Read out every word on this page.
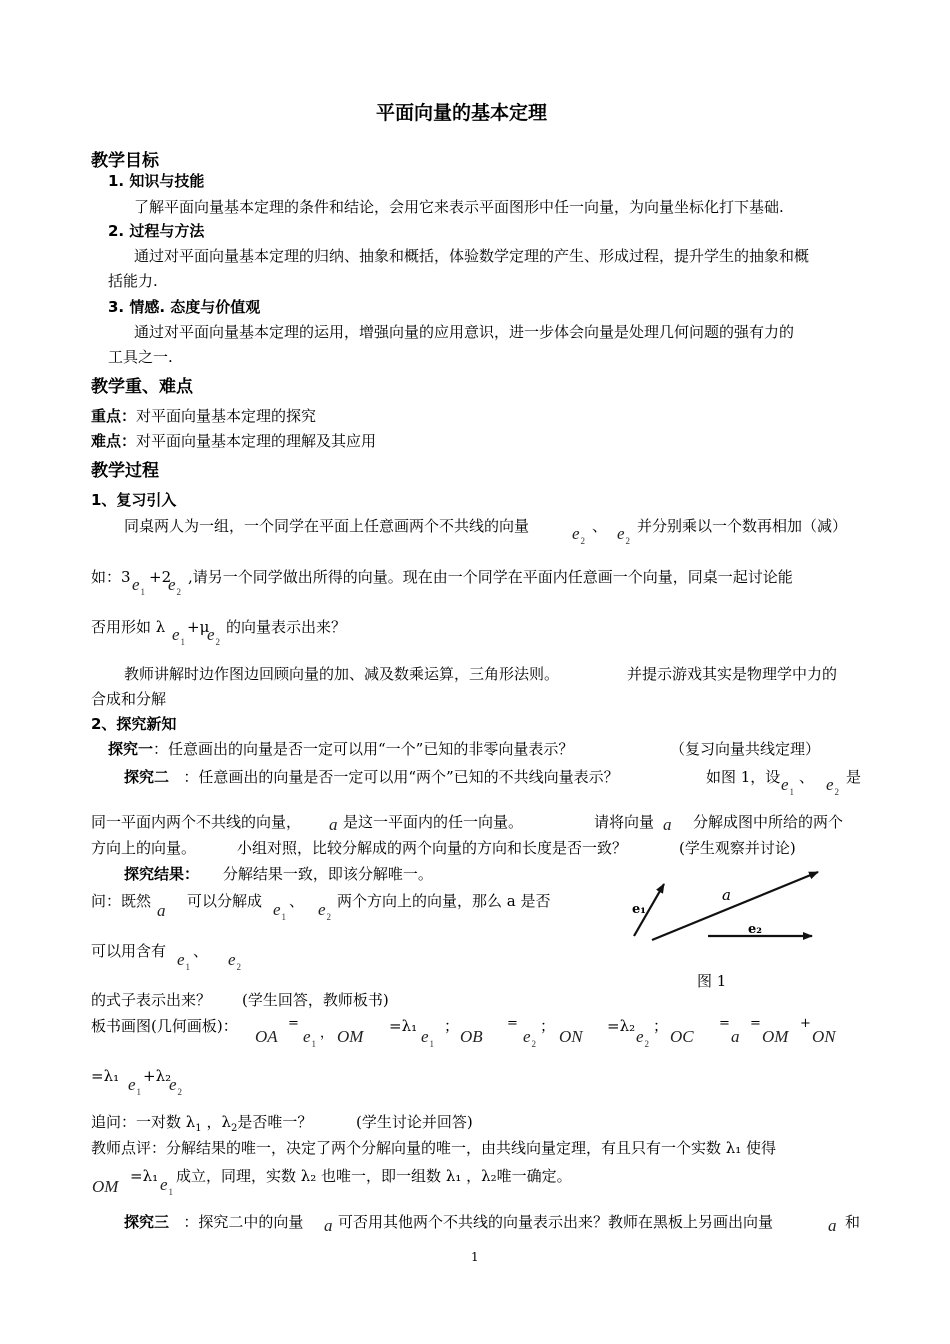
平面向量的基本定理
教学目标
1. 知识与技能
了解平面向量基本定理的条件和结论，会用它来表示平面图形中任一向量，为向量坐标化打下基础.
2. 过程与方法
通过对平面向量基本定理的归纳、抽象和概括，体验数学定理的产生、形成过程，提升学生的抽象和概
括能力.
3. 情感. 态度与价值观
通过对平面向量基本定理的运用，增强向量的应用意识，进一步体会向量是处理几何问题的强有力的
工具之一.
教学重、难点
重点：对平面向量基本定理的探究
难点：对平面向量基本定理的理解及其应用
教学过程
1、复习引入
同桌两人为一组，一个同学在平面上任意画两个不共线的向量	$e_2$
、 $e_2$
并分别乘以一个数再相加（减）
如：3 $e_1$
+2
$e_2$
,请另一个同学做出所得的向量。现在由一个同学在平面内任意画一个向量，同桌一起讨论能
否用形如 λ $e_1$
+μ
$e_2$
的向量表示出来？
教师讲解时边作图边回顾向量的加、减及数乘运算，三角形法则。	并提示游戏其实是物理学中力的
合成和分解
2、探究新知
探究一：任意画出的向量是否一定可以用“一个”已知的非零向量表示？	（复习向量共线定理）
探究二 ：任意画出的向量是否一定可以用“两个”已知的不共线向量表示？	如图 1，设 $e_1$
、 $e_2$
是
同一平面内两个不共线的向量， a 是这一平面内的任一向量。	请将向量 a 分解成图中所给的两个
方向上的向量。	小组对照，比较分解成的两个向量的方向和长度是否一致？	(学生观察并讨论)
探究结果： 分解结果一致，即该分解唯一。
问：既然 a 可以分解成 $e_1$
、 $e_2$
两个方向上的向量，那么 a 是否
可以用含有 $e_1$
、 $e_2$
的式子表示出来？ (学生回答，教师板书)
e₁
a
e₂
图 1
板书画图(几何画板)：
OA
=
$e_1$
， OM
=λ₁
$e_1$
；
OB
=
$e_2$
；
ON
=λ₂
$e_2$
；
OC
=
a
=
OM
+
ON
=λ₁ $e_1$
+λ₂
$e_2$
追问：一对数 $\lambda_1$ ，$\lambda_2$是否唯一？	(学生讨论并回答)
教师点评：分解结果的唯一，决定了两个分解向量的唯一，由共线向量定理，有且只有一个实数 λ₁ 使得
OM
=λ₁ $e_1$
成立，同理，实数 λ₂ 也唯一，即一组数 λ₁ ，λ₂唯一确定。
探究三 ：探究二中的向量 a 可否用其他两个不共线的向量表示出来？教师在黑板上另画出向量	a 和
1
